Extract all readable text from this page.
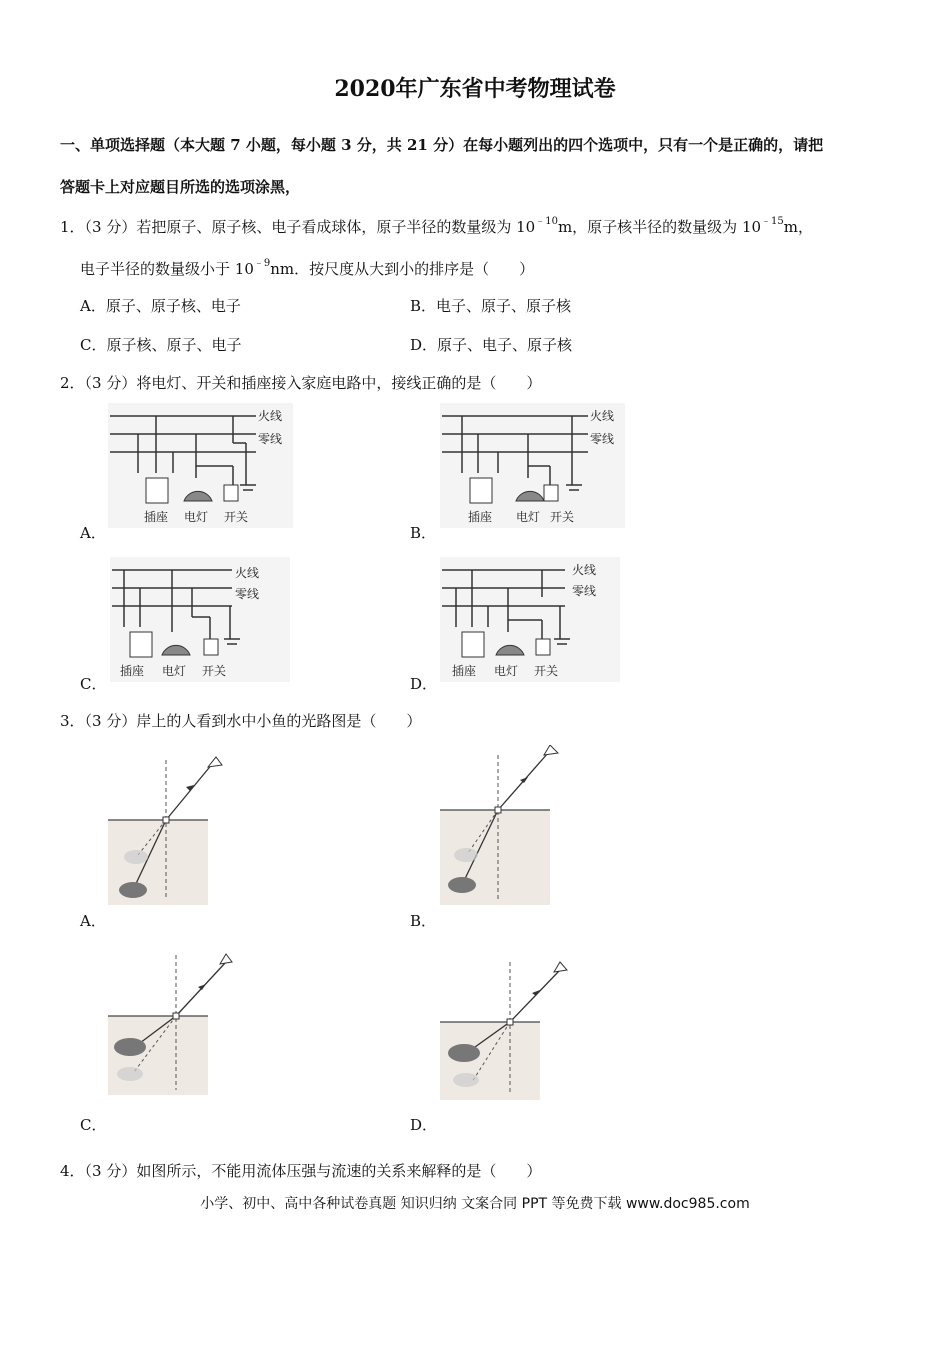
2020年广东省中考物理试卷
一、单项选择题（本大题 7 小题，每小题 3 分，共 21 分）在每小题列出的四个选项中，只有一个是正确的，请把
答题卡上对应题目所选的选项涂黑，
1．（3 分）若把原子、原子核、电子看成球体，原子半径的数量级为 $10^{﹣10}m$，原子核半径的数量级为 $10^{﹣15}m$，
电子半径的数量级小于 $10^{﹣9}nm$．按尺度从大到小的排序是（　　）
A．原子、原子核、电子	B．电子、原子、原子核
C．原子核、原子、电子	D．原子、电子、原子核
2．（3 分）将电灯、开关和插座接入家庭电路中，接线正确的是（　　）
A．	B．
C．	D．
火线
零线
插座 电灯 开关
火线
零线
插座 电灯 开关
火线
零线
插座 电灯 开关
火线
零线
插座 电灯 开关
3．（3 分）岸上的人看到水中小鱼的光路图是（　　）
A．	B．
C．	D．
4．（3 分）如图所示，不能用流体压强与流速的关系来解释的是（　　）
小学、初中、高中各种试卷真题 知识归纳 文案合同 PPT 等免费下载 www.doc985.com
